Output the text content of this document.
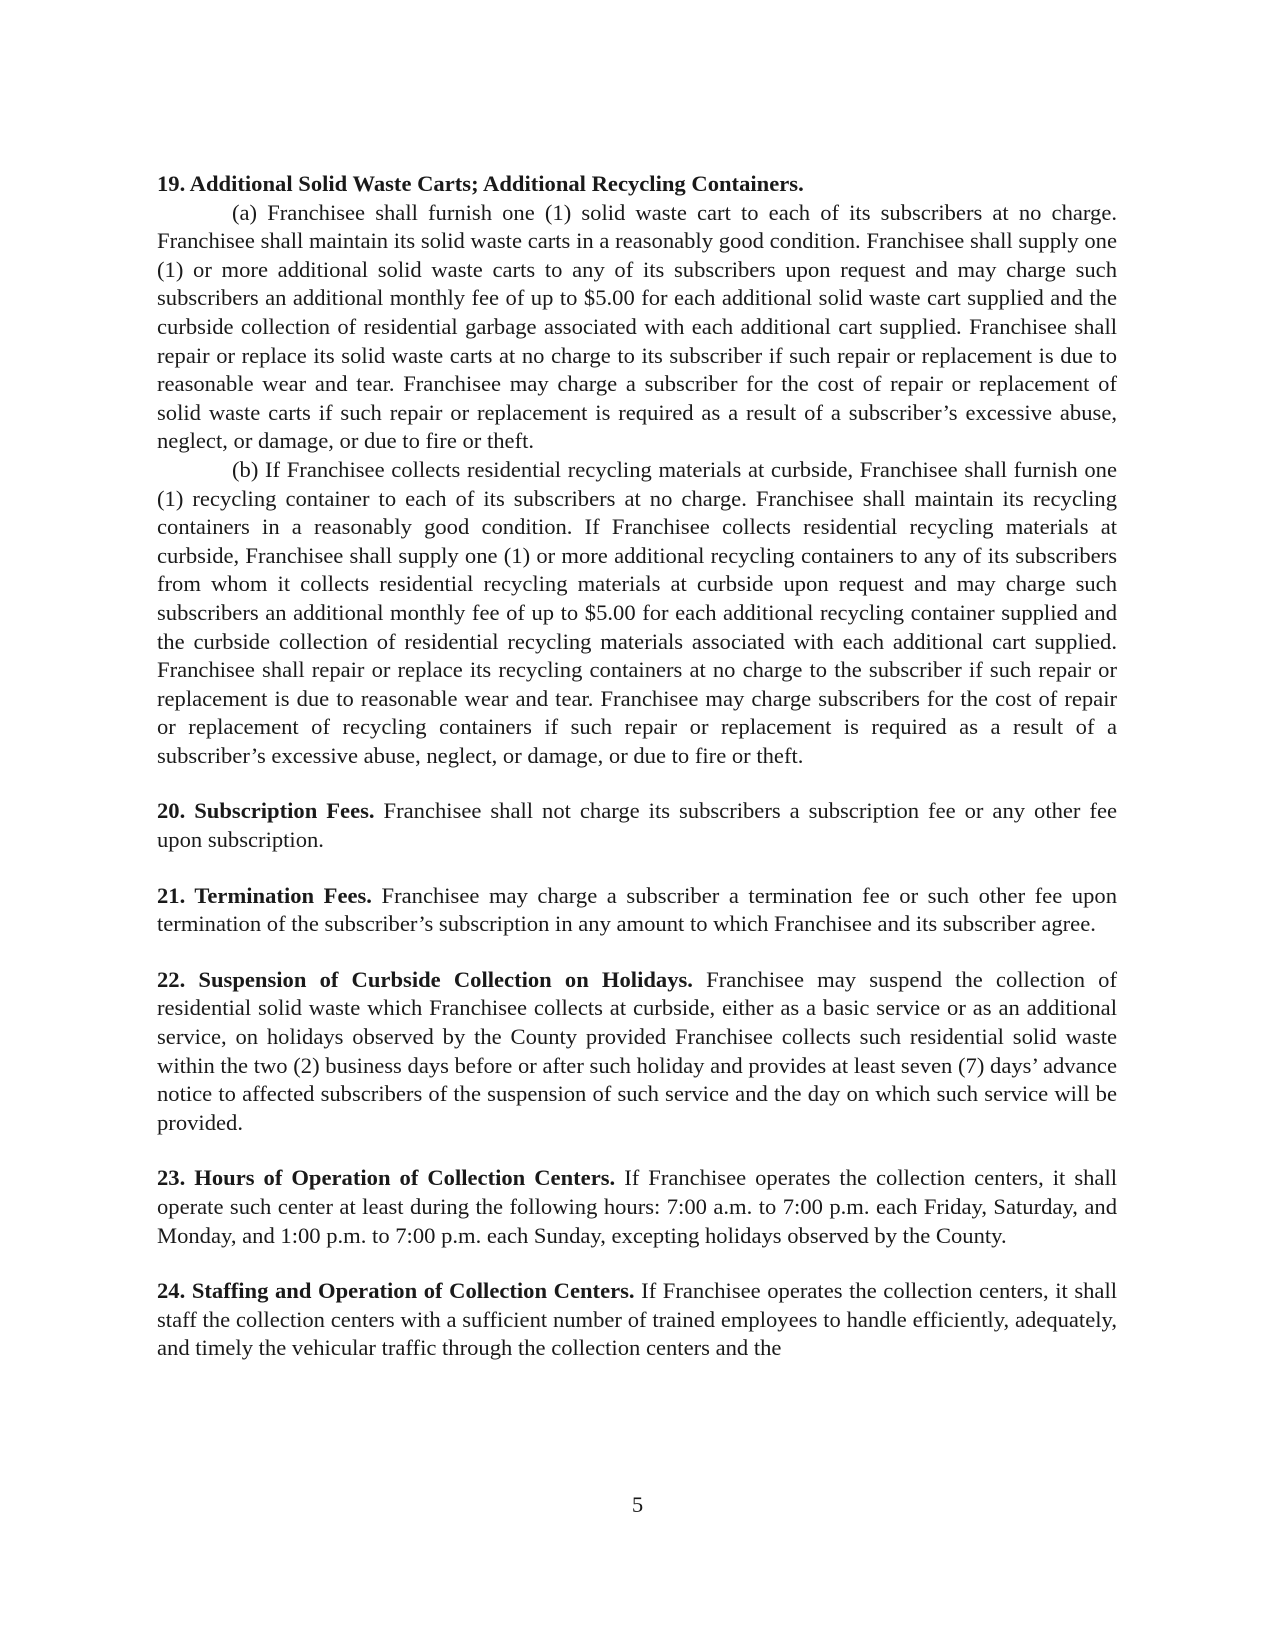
19. Additional Solid Waste Carts; Additional Recycling Containers.

(a) Franchisee shall furnish one (1) solid waste cart to each of its subscribers at no charge. Franchisee shall maintain its solid waste carts in a reasonably good condition. Franchisee shall supply one (1) or more additional solid waste carts to any of its subscribers upon request and may charge such subscribers an additional monthly fee of up to $5.00 for each additional solid waste cart supplied and the curbside collection of residential garbage associated with each additional cart supplied. Franchisee shall repair or replace its solid waste carts at no charge to its subscriber if such repair or replacement is due to reasonable wear and tear. Franchisee may charge a subscriber for the cost of repair or replacement of solid waste carts if such repair or replacement is required as a result of a subscriber’s excessive abuse, neglect, or damage, or due to fire or theft.

(b) If Franchisee collects residential recycling materials at curbside, Franchisee shall furnish one (1) recycling container to each of its subscribers at no charge. Franchisee shall maintain its recycling containers in a reasonably good condition. If Franchisee collects residential recycling materials at curbside, Franchisee shall supply one (1) or more additional recycling containers to any of its subscribers from whom it collects residential recycling materials at curbside upon request and may charge such subscribers an additional monthly fee of up to $5.00 for each additional recycling container supplied and the curbside collection of residential recycling materials associated with each additional cart supplied. Franchisee shall repair or replace its recycling containers at no charge to the subscriber if such repair or replacement is due to reasonable wear and tear. Franchisee may charge subscribers for the cost of repair or replacement of recycling containers if such repair or replacement is required as a result of a subscriber’s excessive abuse, neglect, or damage, or due to fire or theft.

20. Subscription Fees. Franchisee shall not charge its subscribers a subscription fee or any other fee upon subscription.

21. Termination Fees. Franchisee may charge a subscriber a termination fee or such other fee upon termination of the subscriber’s subscription in any amount to which Franchisee and its subscriber agree.

22. Suspension of Curbside Collection on Holidays. Franchisee may suspend the collection of residential solid waste which Franchisee collects at curbside, either as a basic service or as an additional service, on holidays observed by the County provided Franchisee collects such residential solid waste within the two (2) business days before or after such holiday and provides at least seven (7) days’ advance notice to affected subscribers of the suspension of such service and the day on which such service will be provided.

23. Hours of Operation of Collection Centers. If Franchisee operates the collection centers, it shall operate such center at least during the following hours: 7:00 a.m. to 7:00 p.m. each Friday, Saturday, and Monday, and 1:00 p.m. to 7:00 p.m. each Sunday, excepting holidays observed by the County.

24. Staffing and Operation of Collection Centers. If Franchisee operates the collection centers, it shall staff the collection centers with a sufficient number of trained employees to handle efficiently, adequately, and timely the vehicular traffic through the collection centers and the

5
